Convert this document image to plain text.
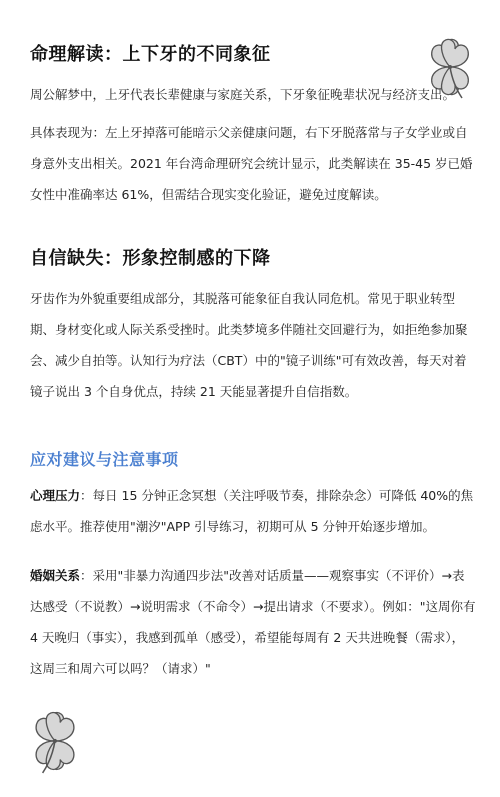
命理解读：上下牙的不同象征

周公解梦中，上牙代表长辈健康与家庭关系，下牙象征晚辈状况与经济支出。

具体表现为：左上牙掉落可能暗示父亲健康问题，右下牙脱落常与子女学业或自身意外支出相关。2021 年台湾命理研究会统计显示，此类解读在 35-45 岁已婚女性中准确率达 61%，但需结合现实变化验证，避免过度解读。

自信缺失：形象控制感的下降

牙齿作为外貌重要组成部分，其脱落可能象征自我认同危机。常见于职业转型期、身材变化或人际关系受挫时。此类梦境多伴随社交回避行为，如拒绝参加聚会、减少自拍等。认知行为疗法（CBT）中的"镜子训练"可有效改善，每天对着镜子说出 3 个自身优点，持续 21 天能显著提升自信指数。

应对建议与注意事项

心理压力：每日 15 分钟正念冥想（关注呼吸节奏，排除杂念）可降低 40%的焦虑水平。推荐使用"潮汐"APP 引导练习，初期可从 5 分钟开始逐步增加。

婚姻关系：采用"非暴力沟通四步法"改善对话质量——观察事实（不评价）→表达感受（不说教）→说明需求（不命令）→提出请求（不要求）。例如："这周你有 4 天晚归（事实），我感到孤单（感受），希望能每周有 2 天共进晚餐（需求），这周三和周六可以吗？（请求）"
